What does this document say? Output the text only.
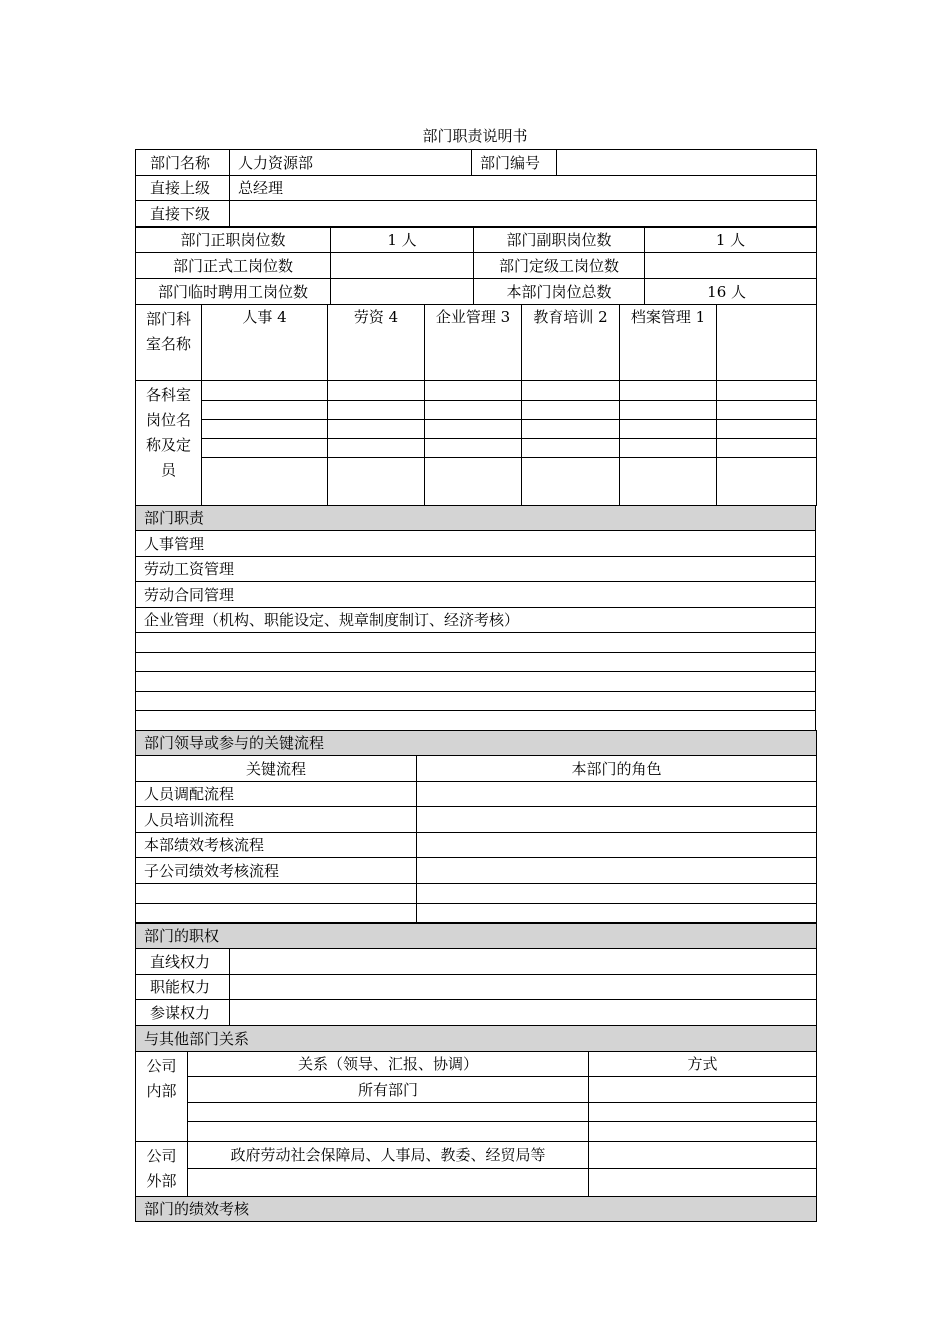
部门职责说明书
部门名称	人力资源部	部门编号	
直接上级	总经理		
直接下级			
部门正职岗位数	1 人	部门副职岗位数	1 人
部门正式工岗位数		部门定级工岗位数	
部门临时聘用工岗位数		本部门岗位总数	16 人
部门科室名称	人事 4	劳资 4	企业管理 3	教育培训 2	档案管理 1	
各科室岗位名称及定员						

部门职责
人事管理
劳动工资管理
劳动合同管理
企业管理（机构、职能设定、规章制度制订、经济考核）

部门领导或参与的关键流程	
关键流程	本部门的角色
人员调配流程	
人员培训流程	
本部绩效考核流程	
子公司绩效考核流程	

部门的职权	
直线权力	
职能权力	
参谋权力	
与其他部门关系		
公司内部	关系（领导、汇报、协调）	方式
	所有部门	

公司外部	政府劳动社会保障局、人事局、教委、经贸局等	

部门的绩效考核		
